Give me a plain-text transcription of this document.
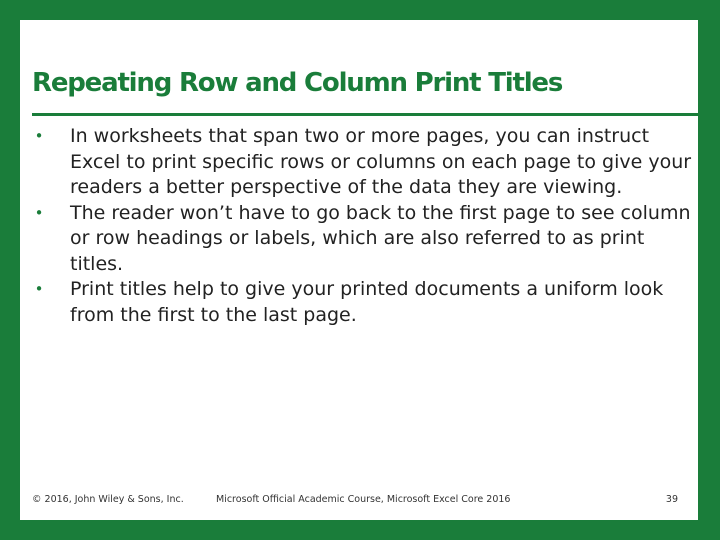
Repeating Row and Column Print Titles
• In worksheets that span two or more pages, you can instruct Excel to print specific rows or columns on each page to give your readers a better perspective of the data they are viewing.
• The reader won’t have to go back to the first page to see column or row headings or labels, which are also referred to as print titles.
• Print titles help to give your printed documents a uniform look from the first to the last page.
© 2016, John Wiley & Sons, Inc.	Microsoft Official Academic Course, Microsoft Excel Core 2016	39
